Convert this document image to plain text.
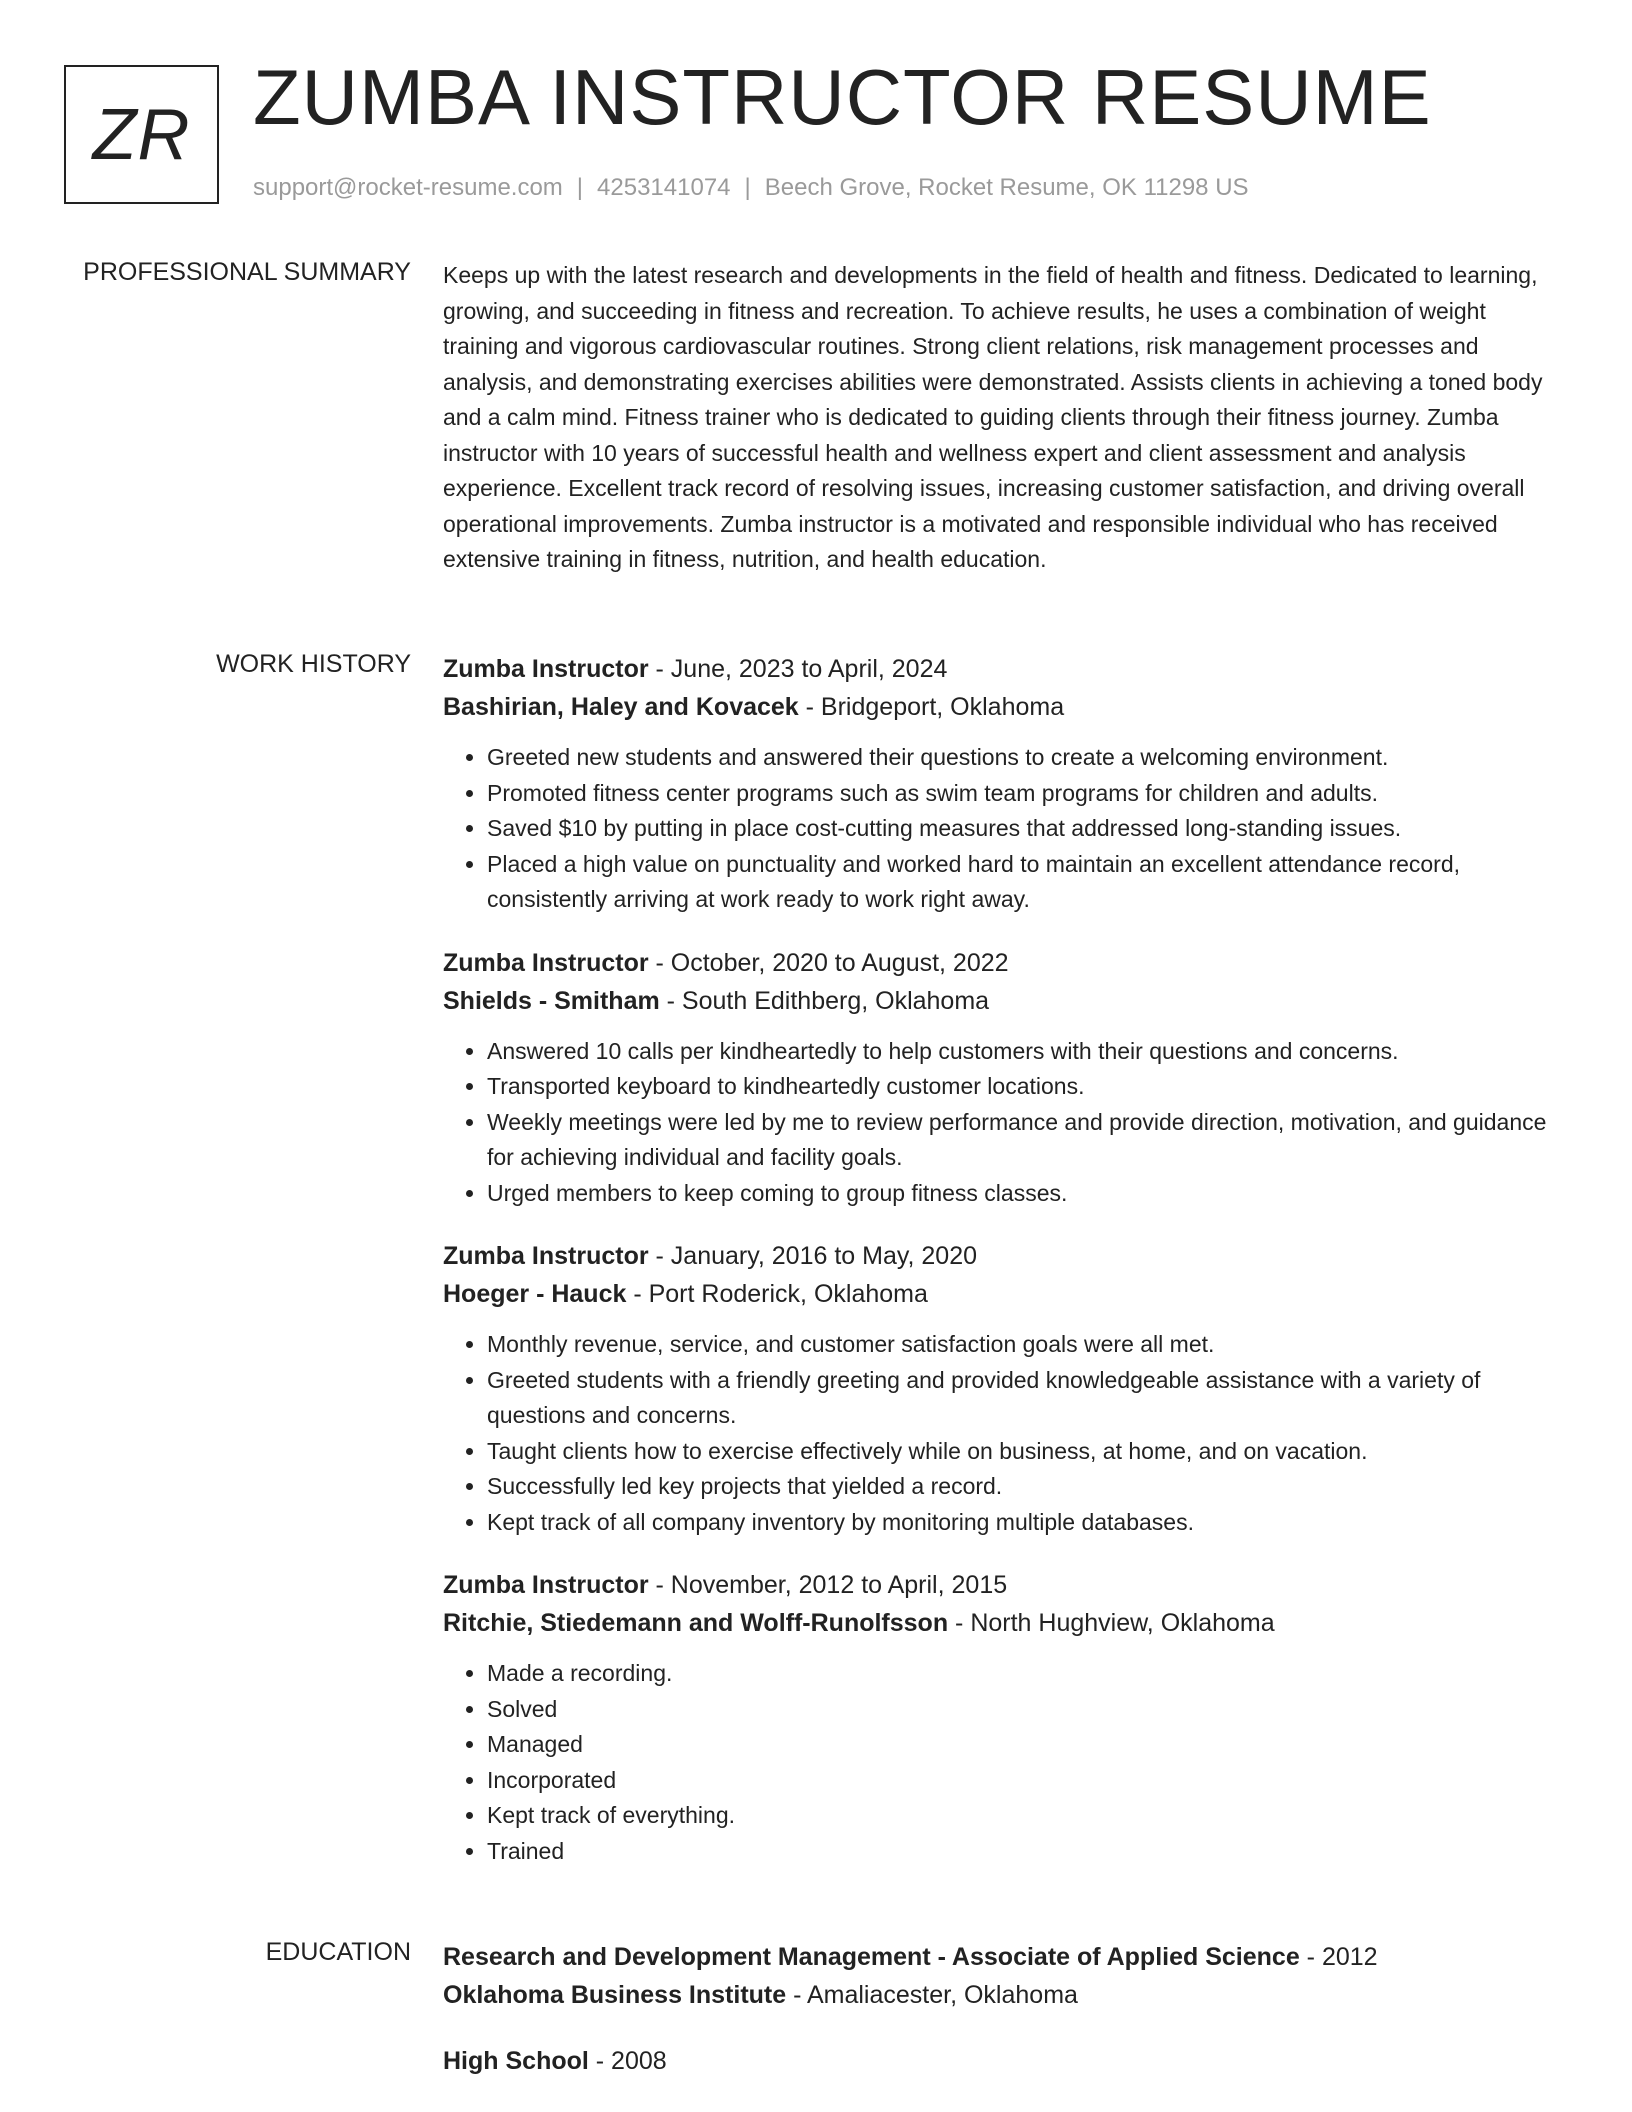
ZR ZUMBA INSTRUCTOR RESUME
support@rocket-resume.com | 4253141074 | Beech Grove, Rocket Resume, OK 11298 US
PROFESSIONAL SUMMARY Keeps up with the latest research and developments in the field of health and fitness. Dedicated to learning, growing, and succeeding in fitness and recreation. To achieve results, he uses a combination of weight training and vigorous cardiovascular routines. Strong client relations, risk management processes and analysis, and demonstrating exercises abilities were demonstrated. Assists clients in achieving a toned body and a calm mind. Fitness trainer who is dedicated to guiding clients through their fitness journey. Zumba instructor with 10 years of successful health and wellness expert and client assessment and analysis experience. Excellent track record of resolving issues, increasing customer satisfaction, and driving overall operational improvements. Zumba instructor is a motivated and responsible individual who has received extensive training in fitness, nutrition, and health education.

WORK HISTORY Zumba Instructor - June, 2023 to April, 2024
Bashirian, Haley and Kovacek - Bridgeport, Oklahoma
• Greeted new students and answered their questions to create a welcoming environment.
• Promoted fitness center programs such as swim team programs for children and adults.
• Saved $10 by putting in place cost-cutting measures that addressed long-standing issues.
• Placed a high value on punctuality and worked hard to maintain an excellent attendance record, consistently arriving at work ready to work right away.
Zumba Instructor - October, 2020 to August, 2022
Shields - Smitham - South Edithberg, Oklahoma
• Answered 10 calls per kindheartedly to help customers with their questions and concerns.
• Transported keyboard to kindheartedly customer locations.
• Weekly meetings were led by me to review performance and provide direction, motivation, and guidance for achieving individual and facility goals.
• Urged members to keep coming to group fitness classes.
Zumba Instructor - January, 2016 to May, 2020
Hoeger - Hauck - Port Roderick, Oklahoma
• Monthly revenue, service, and customer satisfaction goals were all met.
• Greeted students with a friendly greeting and provided knowledgeable assistance with a variety of questions and concerns.
• Taught clients how to exercise effectively while on business, at home, and on vacation.
• Successfully led key projects that yielded a record.
• Kept track of all company inventory by monitoring multiple databases.
Zumba Instructor - November, 2012 to April, 2015
Ritchie, Stiedemann and Wolff-Runolfsson - North Hughview, Oklahoma
• Made a recording.
• Solved
• Managed
• Incorporated
• Kept track of everything.
• Trained
EDUCATION Research and Development Management - Associate of Applied Science - 2012
Oklahoma Business Institute - Amaliacester, Oklahoma
High School - 2008
